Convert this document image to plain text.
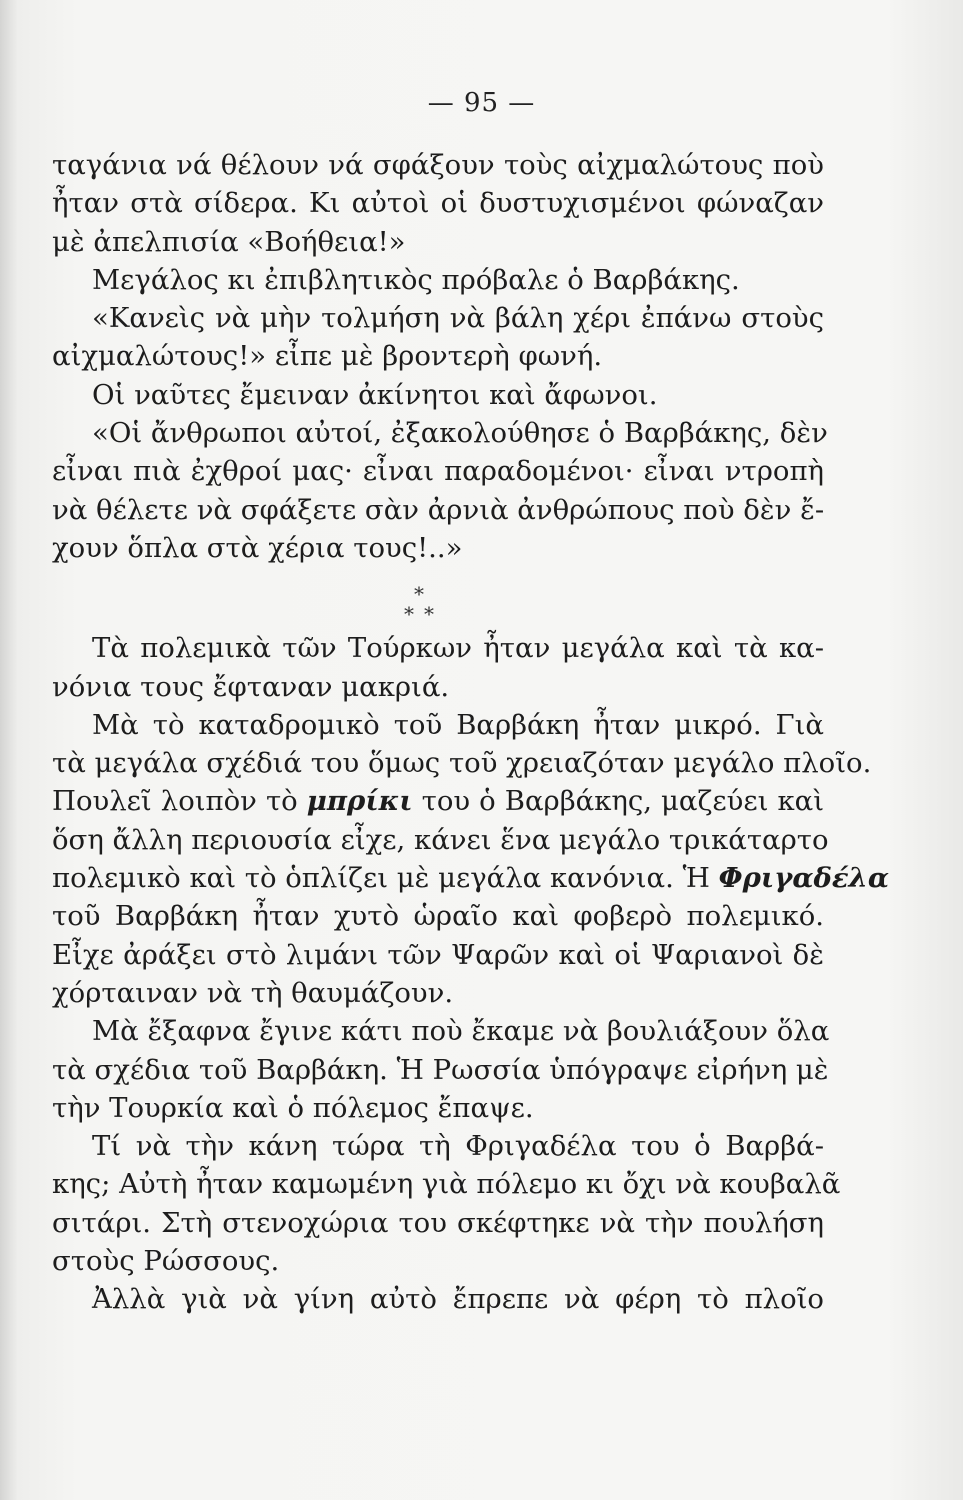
— 95 —
ταγάνια νά θέλουν νά σφάξουν τοὺς αἰχμαλώτους ποὺ
ἦταν στὰ σίδερα. Κι αὐτοὶ οἱ δυστυχισμένοι φώναζαν
μὲ ἀπελπισία «Βοήθεια!»
Μεγάλος κι ἐπιβλητικὸς πρόβαλε ὁ Βαρβάκης.
«Κανεὶς νὰ μὴν τολμήση νὰ βάλη χέρι ἐπάνω στοὺς
αἰχμαλώτους!» εἶπε μὲ βροντερὴ φωνή.
Οἱ ναῦτες ἔμειναν ἀκίνητοι καὶ ἄφωνοι.
«Οἱ ἄνθρωποι αὐτοί, ἐξακολούθησε ὁ Βαρβάκης, δὲν
εἶναι πιὰ ἐχθροί μας· εἶναι παραδομένοι· εἶναι ντροπὴ
νὰ θέλετε νὰ σφάξετε σὰν ἀρνιὰ ἀνθρώπους ποὺ δὲν ἔ-
χουν ὅπλα στὰ χέρια τους!..»
*
* *
Τὰ πολεμικὰ τῶν Τούρκων ἦταν μεγάλα καὶ τὰ κα-
νόνια τους ἔφταναν μακριά.
Μὰ τὸ καταδρομικὸ τοῦ Βαρβάκη ἦταν μικρό. Γιὰ
τὰ μεγάλα σχέδιά του ὅμως τοῦ χρειαζόταν μεγάλο πλοῖο.
Πουλεῖ λοιπὸν τὸ μπρίκι του ὁ Βαρβάκης, μαζεύει καὶ
ὅση ἄλλη περιουσία εἶχε, κάνει ἕνα μεγάλο τρικάταρτο
πολεμικὸ καὶ τὸ ὁπλίζει μὲ μεγάλα κανόνια. Ἡ Φριγαδέλα
τοῦ Βαρβάκη ἦταν χυτὸ ὡραῖο καὶ φοβερὸ πολεμικό.
Εἶχε ἀράξει στὸ λιμάνι τῶν Ψαρῶν καὶ οἱ Ψαριανοὶ δὲ
χόρταιναν νὰ τὴ θαυμάζουν.
Μὰ ἔξαφνα ἔγινε κάτι ποὺ ἔκαμε νὰ βουλιάξουν ὅλα
τὰ σχέδια τοῦ Βαρβάκη. Ἡ Ρωσσία ὑπόγραψε εἰρήνη μὲ
τὴν Τουρκία καὶ ὁ πόλεμος ἔπαψε.
Τί νὰ τὴν κάνη τώρα τὴ Φριγαδέλα του ὁ Βαρβά-
κης; Αὐτὴ ἦταν καμωμένη γιὰ πόλεμο κι ὄχι νὰ κουβαλᾶ
σιτάρι. Στὴ στενοχώρια του σκέφτηκε νὰ τὴν πουλήση
στοὺς Ρώσσους.
Ἀλλὰ γιὰ νὰ γίνη αὐτὸ ἔπρεπε νὰ φέρη τὸ πλοῖο
